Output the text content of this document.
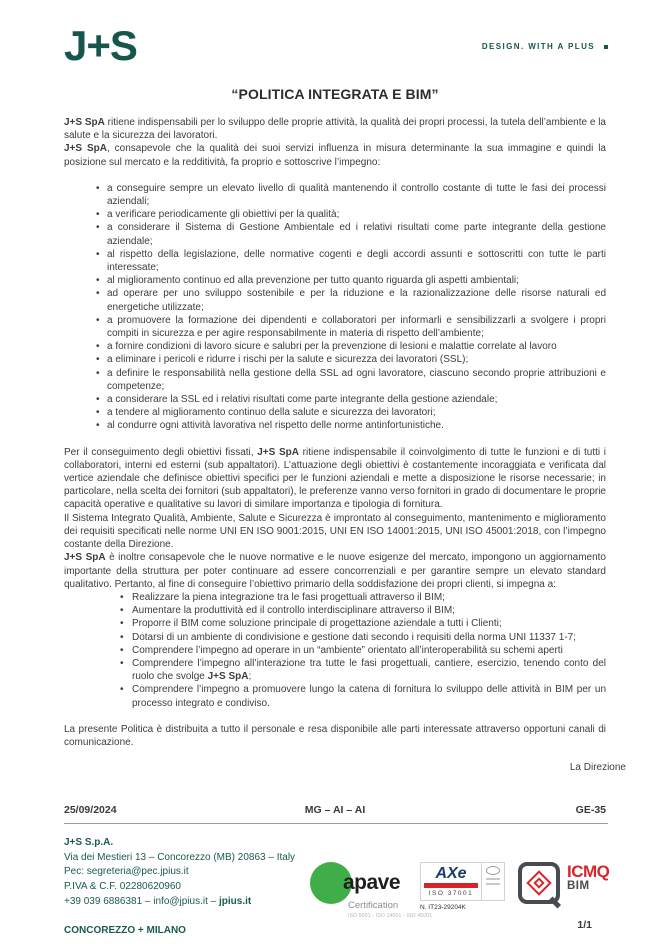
J+S	DESIGN. WITH A PLUS
“POLITICA INTEGRATA E BIM”

J+S SpA ritiene indispensabili per lo sviluppo delle proprie attività, la qualità dei propri processi, la tutela dell’ambiente e la salute e la sicurezza dei lavoratori.

J+S SpA, consapevole che la qualità dei suoi servizi influenza in misura determinante la sua immagine e quindi la posizione sul mercato e la redditività, fa proprio e sottoscrive l’impegno:

• a conseguire sempre un elevato livello di qualità mantenendo il controllo costante di tutte le fasi dei processi aziendali;
• a verificare periodicamente gli obiettivi per la qualità;
• a considerare il Sistema di Gestione Ambientale ed i relativi risultati come parte integrante della gestione aziendale;
• al rispetto della legislazione, delle normative cogenti e degli accordi assunti e sottoscritti con tutte le parti interessate;
• al miglioramento continuo ed alla prevenzione per tutto quanto riguarda gli aspetti ambientali;
• ad operare per uno sviluppo sostenibile e per la riduzione e la razionalizzazione delle risorse naturali ed energetiche utilizzate;
• a promuovere la formazione dei dipendenti e collaboratori per informarli e sensibilizzarli a svolgere i propri compiti in sicurezza e per agire responsabilmente in materia di rispetto dell’ambiente;
• a fornire condizioni di lavoro sicure e salubri per la prevenzione di lesioni e malattie correlate al lavoro
• a eliminare i pericoli e ridurre i rischi per la salute e sicurezza dei lavoratori (SSL);
• a definire le responsabilità nella gestione della SSL ad ogni lavoratore, ciascuno secondo proprie attribuzioni e competenze;
• a considerare la SSL ed i relativi risultati come parte integrante della gestione aziendale;
• a tendere al miglioramento continuo della salute e sicurezza dei lavoratori;
• al condurre ogni attività lavorativa nel rispetto delle norme antinfortunistiche.

Per il conseguimento degli obiettivi fissati, J+S SpA ritiene indispensabile il coinvolgimento di tutte le funzioni e di tutti i collaboratori, interni ed esterni (sub appaltatori). L’attuazione degli obiettivi è costantemente incoraggiata e verificata dal vertice aziendale che definisce obiettivi specifici per le funzioni aziendali e mette a disposizione le risorse necessarie; in particolare, nella scelta dei fornitori (sub appaltatori), le preferenze vanno verso fornitori in grado di documentare le proprie capacità operative e qualitative su lavori di similare importanza e tipologia di fornitura.

Il Sistema Integrato Qualità, Ambiente, Salute e Sicurezza è improntato al conseguimento, mantenimento e miglioramento dei requisiti specificati nelle norme UNI EN ISO 9001:2015, UNI EN ISO 14001:2015, UNI ISO 45001:2018, con l’impegno costante della Direzione.

J+S SpA è inoltre consapevole che le nuove normative e le nuove esigenze del mercato, impongono un aggiornamento importante della struttura per poter continuare ad essere concorrenziali e per garantire sempre un elevato standard qualitativo. Pertanto, al fine di conseguire l’obiettivo primario della soddisfazione dei propri clienti, si impegna a:

• Realizzare la piena integrazione tra le fasi progettuali attraverso il BIM;
• Aumentare la produttività ed il controllo interdisciplinare attraverso il BIM;
• Proporre il BIM come soluzione principale di progettazione aziendale a tutti i Clienti;
• Dotarsi di un ambiente di condivisione e gestione dati secondo i requisiti della norma UNI 11337 1-7;
• Comprendere l’impegno ad operare in un “ambiente” orientato all’interoperabilità su schemi aperti
• Comprendere l’impegno all’interazione tra tutte le fasi progettuali, cantiere, esercizio, tenendo conto del ruolo che svolge J+S SpA;
• Comprendere l’impegno a promuovere lungo la catena di fornitura lo sviluppo delle attività in BIM per un processo integrato e condiviso.

La presente Politica è distribuita a tutto il personale e resa disponibile alle parti interessate attraverso opportuni canali di comunicazione.

La Direzione
25/09/2024	MG – AI – AI	GE-35
J+S S.p.A.
Via dei Mestieri 13 – Concorezzo (MB) 20863 – Italy
Pec: segreteria@pec.jpius.it
P.IVA & C.F. 02280620960
+39 039 6886381 – info@jpius.it – jpius.it
CONCOREZZO + MILANO
apave
Certification
ISO 9001 - ISO 14001 - ISO 45001
AXe
ISO 37001
N. IT23-29204K
ICMQ
BIM
1/1
